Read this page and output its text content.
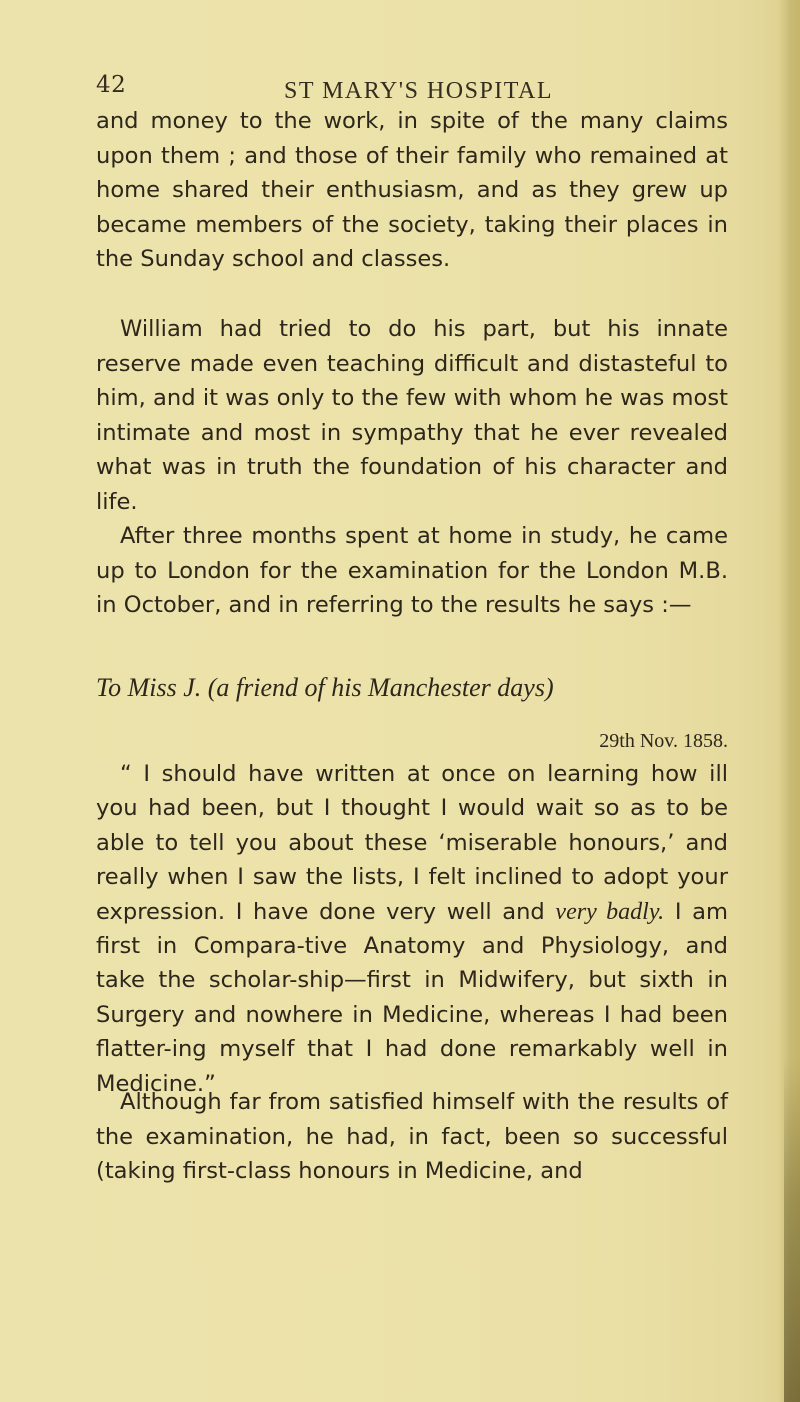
42	ST MARY'S HOSPITAL
and money to the work, in spite of the many claims upon them ; and those of their family who remained at home shared their enthusiasm, and as they grew up became members of the society, taking their places in the Sunday school and classes.
William had tried to do his part, but his innate reserve made even teaching difficult and distasteful to him, and it was only to the few with whom he was most intimate and most in sympathy that he ever revealed what was in truth the foundation of his character and life.
After three months spent at home in study, he came up to London for the examination for the London M.B. in October, and in referring to the results he says :—
To Miss J. (a friend of his Manchester days)
29th Nov. 1858.
“ I should have written at once on learning how ill you had been, but I thought I would wait so as to be able to tell you about these ‘miserable honours,’ and really when I saw the lists, I felt inclined to adopt your expression. I have done very well and very badly. I am first in Compara-tive Anatomy and Physiology, and take the scholar-ship—first in Midwifery, but sixth in Surgery and nowhere in Medicine, whereas I had been flatter-ing myself that I had done remarkably well in Medicine.”
Although far from satisfied himself with the results of the examination, he had, in fact, been so successful (taking first-class honours in Medicine, and
